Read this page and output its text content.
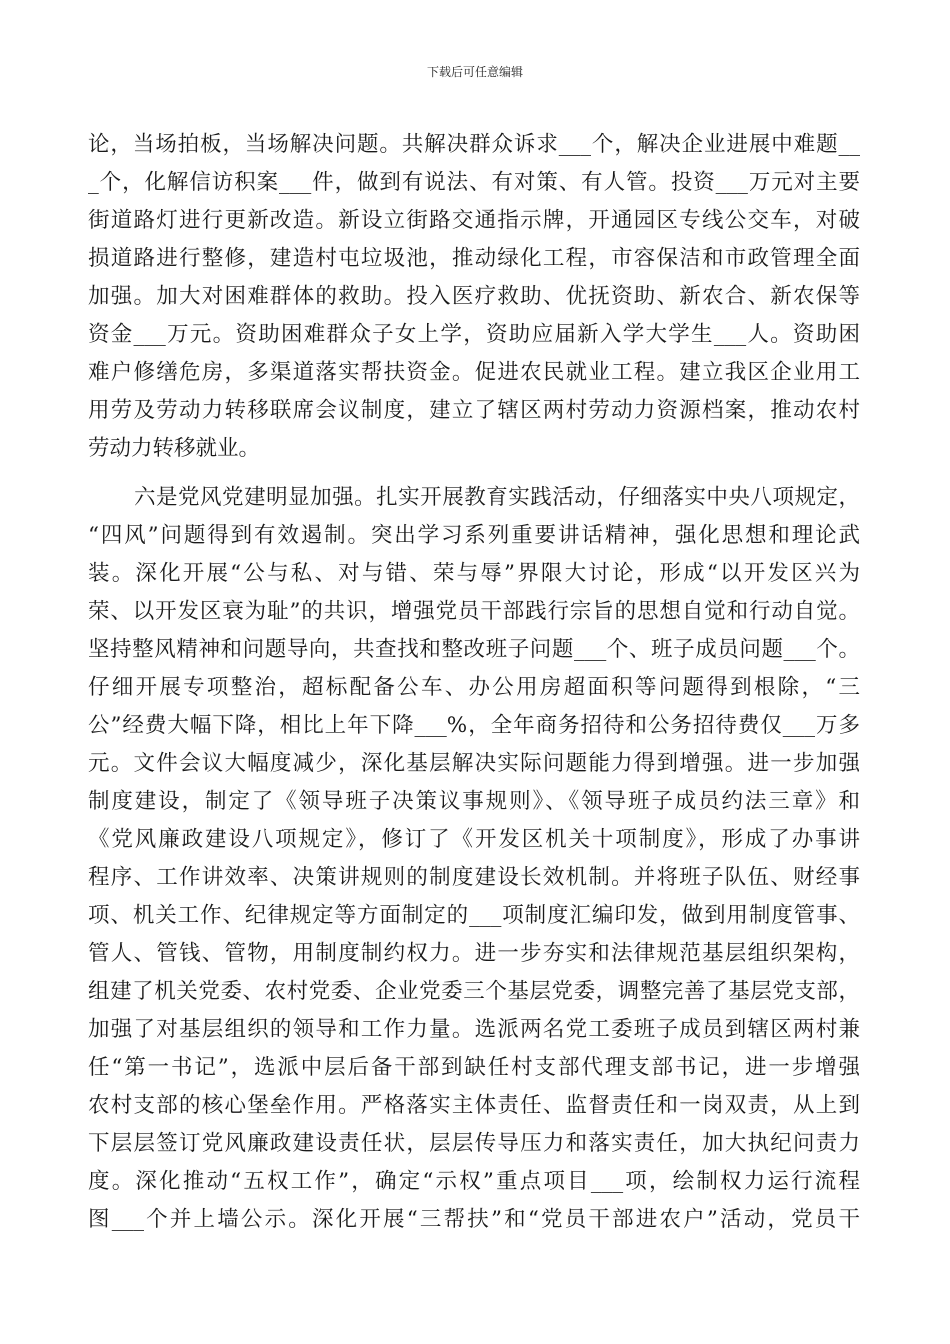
下载后可任意编辑
论，当场拍板，当场解决问题。共解决群众诉求___个，解决企业进展中难题__
_个，化解信访积案___件，做到有说法、有对策、有人管。投资___万元对主要
街道路灯进行更新改造。新设立街路交通指示牌，开通园区专线公交车，对破
损道路进行整修，建造村屯垃圾池，推动绿化工程，市容保洁和市政管理全面
加强。加大对困难群体的救助。投入医疗救助、优抚资助、新农合、新农保等
资金___万元。资助困难群众子女上学，资助应届新入学大学生___人。资助困
难户修缮危房，多渠道落实帮扶资金。促进农民就业工程。建立我区企业用工
用劳及劳动力转移联席会议制度，建立了辖区两村劳动力资源档案，推动农村
劳动力转移就业。
六是党风党建明显加强。扎实开展教育实践活动，仔细落实中央八项规定，
“四风”问题得到有效遏制。突出学习系列重要讲话精神，强化思想和理论武
装。深化开展“公与私、对与错、荣与辱”界限大讨论，形成“以开发区兴为
荣、以开发区衰为耻”的共识，增强党员干部践行宗旨的思想自觉和行动自觉。
坚持整风精神和问题导向，共查找和整改班子问题___个、班子成员问题___个。
仔细开展专项整治，超标配备公车、办公用房超面积等问题得到根除，“三
公”经费大幅下降，相比上年下降___%，全年商务招待和公务招待费仅___万多
元。文件会议大幅度减少，深化基层解决实际问题能力得到增强。进一步加强
制度建设，制定了《领导班子决策议事规则》、《领导班子成员约法三章》和
《党风廉政建设八项规定》，修订了《开发区机关十项制度》，形成了办事讲
程序、工作讲效率、决策讲规则的制度建设长效机制。并将班子队伍、财经事
项、机关工作、纪律规定等方面制定的___项制度汇编印发，做到用制度管事、
管人、管钱、管物，用制度制约权力。进一步夯实和法律规范基层组织架构，
组建了机关党委、农村党委、企业党委三个基层党委，调整完善了基层党支部，
加强了对基层组织的领导和工作力量。选派两名党工委班子成员到辖区两村兼
任“第一书记”，选派中层后备干部到缺任村支部代理支部书记，进一步增强
农村支部的核心堡垒作用。严格落实主体责任、监督责任和一岗双责，从上到
下层层签订党风廉政建设责任状，层层传导压力和落实责任，加大执纪问责力
度。深化推动“五权工作”，确定“示权”重点项目___项，绘制权力运行流程
图___个并上墙公示。深化开展“三帮扶”和“党员干部进农户”活动，党员干
